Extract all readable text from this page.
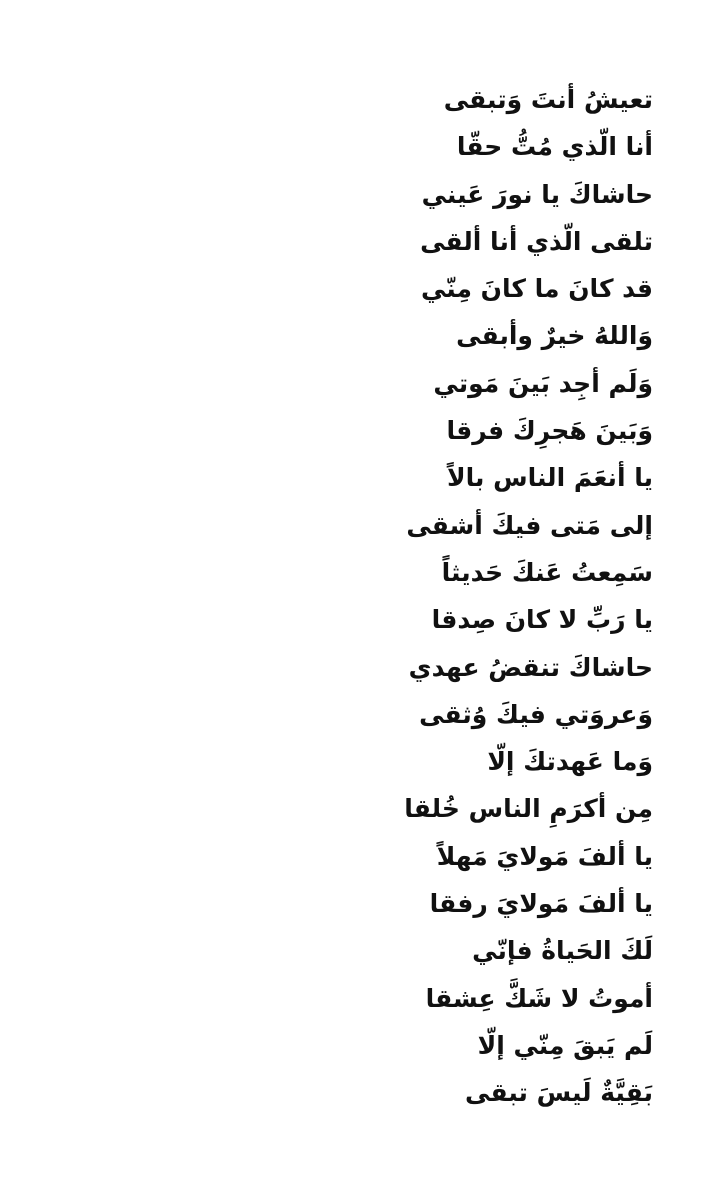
تعيشُ أنتَ وَتبقى
أنا الّذي مُتُّ حقّا
حاشاكَ يا نورَ عَيني
تلقى الّذي أنا ألقى
قد كانَ ما كانَ مِنّي
وَاللهُ خيرٌ وأبقى
وَلَم أجِد بَينَ مَوتي
وَبَينَ هَجرِكَ فرقا
يا أنعَمَ الناس بالاً
إلى مَتى فيكَ أشقى
سَمِعتُ عَنكَ حَديثاً
يا رَبِّ لا كانَ صِدقا
حاشاكَ تنقضُ عهدي
وَعروَتي فيكَ وُثقى
وَما عَهدتكَ إلّا
مِن أكرَمِ الناس خُلقا
يا ألفَ مَولايَ مَهلاً
يا ألفَ مَولايَ رفقا
لَكَ الحَياةُ فإنّي
أموتُ لا شَكَّ عِشقا
لَم يَبقَ مِنّي إلّا
بَقِيَّةٌ لَيسَ تبقى
